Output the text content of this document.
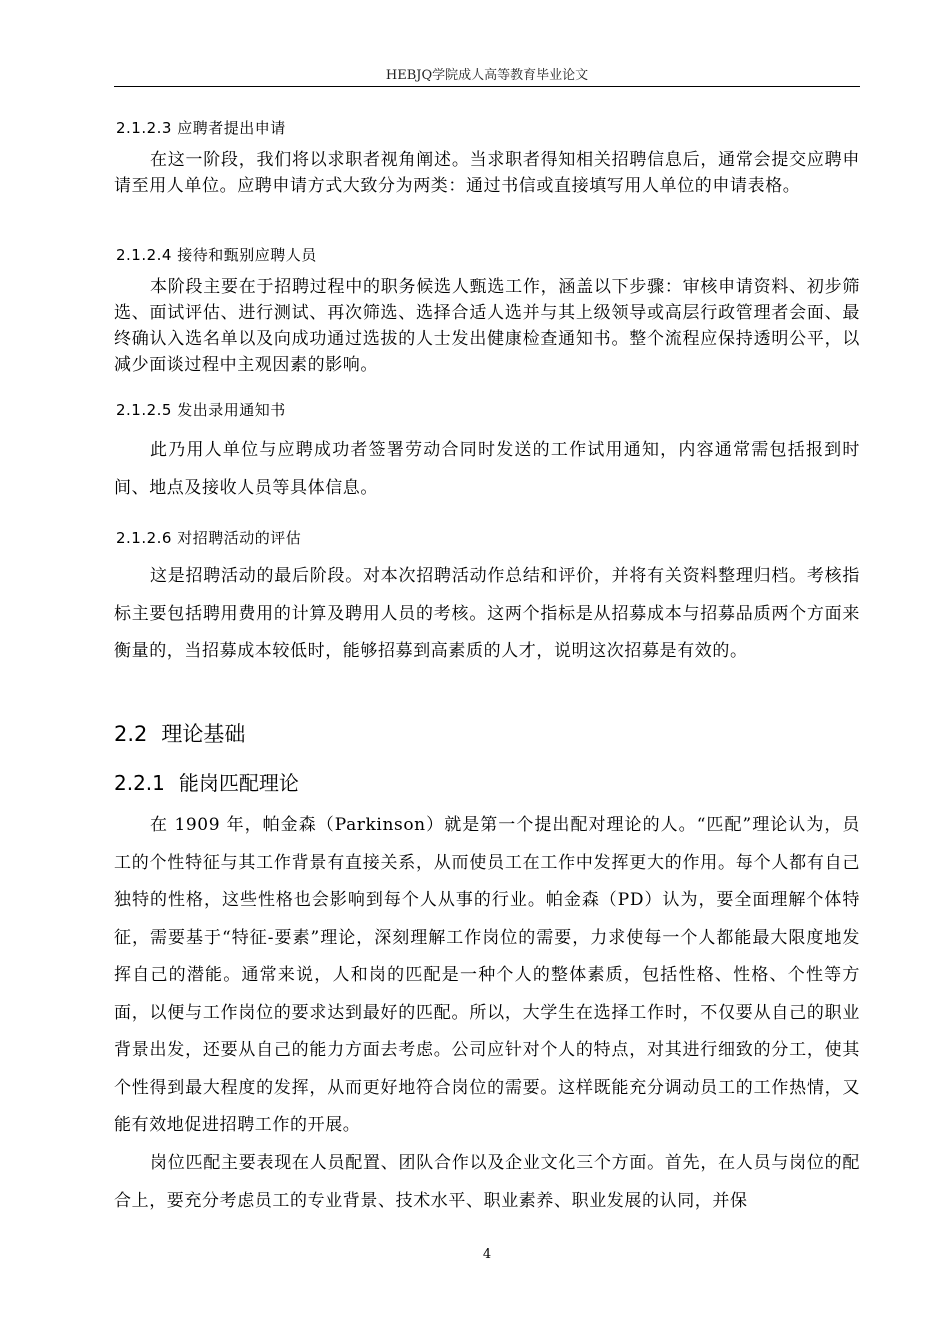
HEBJQ学院成人高等教育毕业论文
2.1.2.3 应聘者提出申请

在这一阶段，我们将以求职者视角阐述。当求职者得知相关招聘信息后，通常会提交应聘申请至用人单位。应聘申请方式大致分为两类：通过书信或直接填写用人单位的申请表格。

2.1.2.4 接待和甄别应聘人员

本阶段主要在于招聘过程中的职务候选人甄选工作，涵盖以下步骤：审核申请资料、初步筛选、面试评估、进行测试、再次筛选、选择合适人选并与其上级领导或高层行政管理者会面、最终确认入选名单以及向成功通过选拔的人士发出健康检查通知书。整个流程应保持透明公平，以减少面谈过程中主观因素的影响。

2.1.2.5 发出录用通知书

此乃用人单位与应聘成功者签署劳动合同时发送的工作试用通知，内容通常需包括报到时间、地点及接收人员等具体信息。

2.1.2.6 对招聘活动的评估

这是招聘活动的最后阶段。对本次招聘活动作总结和评价，并将有关资料整理归档。考核指标主要包括聘用费用的计算及聘用人员的考核。这两个指标是从招募成本与招募品质两个方面来衡量的，当招募成本较低时，能够招募到高素质的人才，说明这次招募是有效的。

2.2 理论基础
2.2.1 能岗匹配理论

在 1909 年，帕金森（Parkinson）就是第一个提出配对理论的人。“匹配”理论认为，员工的个性特征与其工作背景有直接关系，从而使员工在工作中发挥更大的作用。每个人都有自己独特的性格，这些性格也会影响到每个人从事的行业。帕金森（PD）认为，要全面理解个体特征，需要基于“特征-要素”理论，深刻理解工作岗位的需要，力求使每一个人都能最大限度地发挥自己的潜能。通常来说，人和岗的匹配是一种个人的整体素质，包括性格、性格、个性等方面，以便与工作岗位的要求达到最好的匹配。所以，大学生在选择工作时，不仅要从自己的职业背景出发，还要从自己的能力方面去考虑。公司应针对个人的特点，对其进行细致的分工，使其个性得到最大程度的发挥，从而更好地符合岗位的需要。这样既能充分调动员工的工作热情，又能有效地促进招聘工作的开展。

岗位匹配主要表现在人员配置、团队合作以及企业文化三个方面。首先，在人员与岗位的配合上，要充分考虑员工的专业背景、技术水平、职业素养、职业发展的认同，并保

4
